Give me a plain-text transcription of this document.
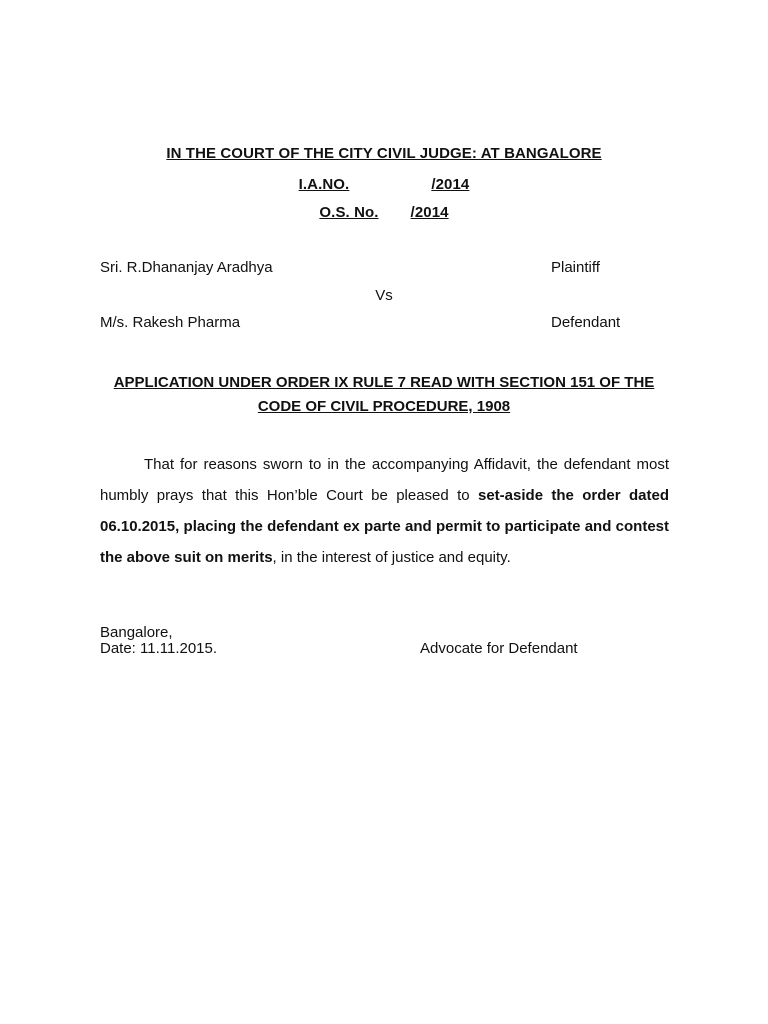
IN THE COURT OF THE CITY CIVIL JUDGE: AT BANGALORE
I.A.NO.	/2014
O.S. No. /2014
Sri. R.Dhananjay Aradhya	Plaintiff
Vs
M/s. Rakesh Pharma	Defendant
APPLICATION UNDER ORDER IX RULE 7 READ WITH SECTION 151 OF THE
CODE OF CIVIL PROCEDURE, 1908
That for reasons sworn to in the accompanying Affidavit, the defendant most humbly prays that this Hon’ble Court be pleased to set-aside the order dated 06.10.2015, placing the defendant ex parte and permit to participate and contest the above suit on merits, in the interest of justice and equity.
Bangalore,
Date: 11.11.2015.	Advocate for Defendant
